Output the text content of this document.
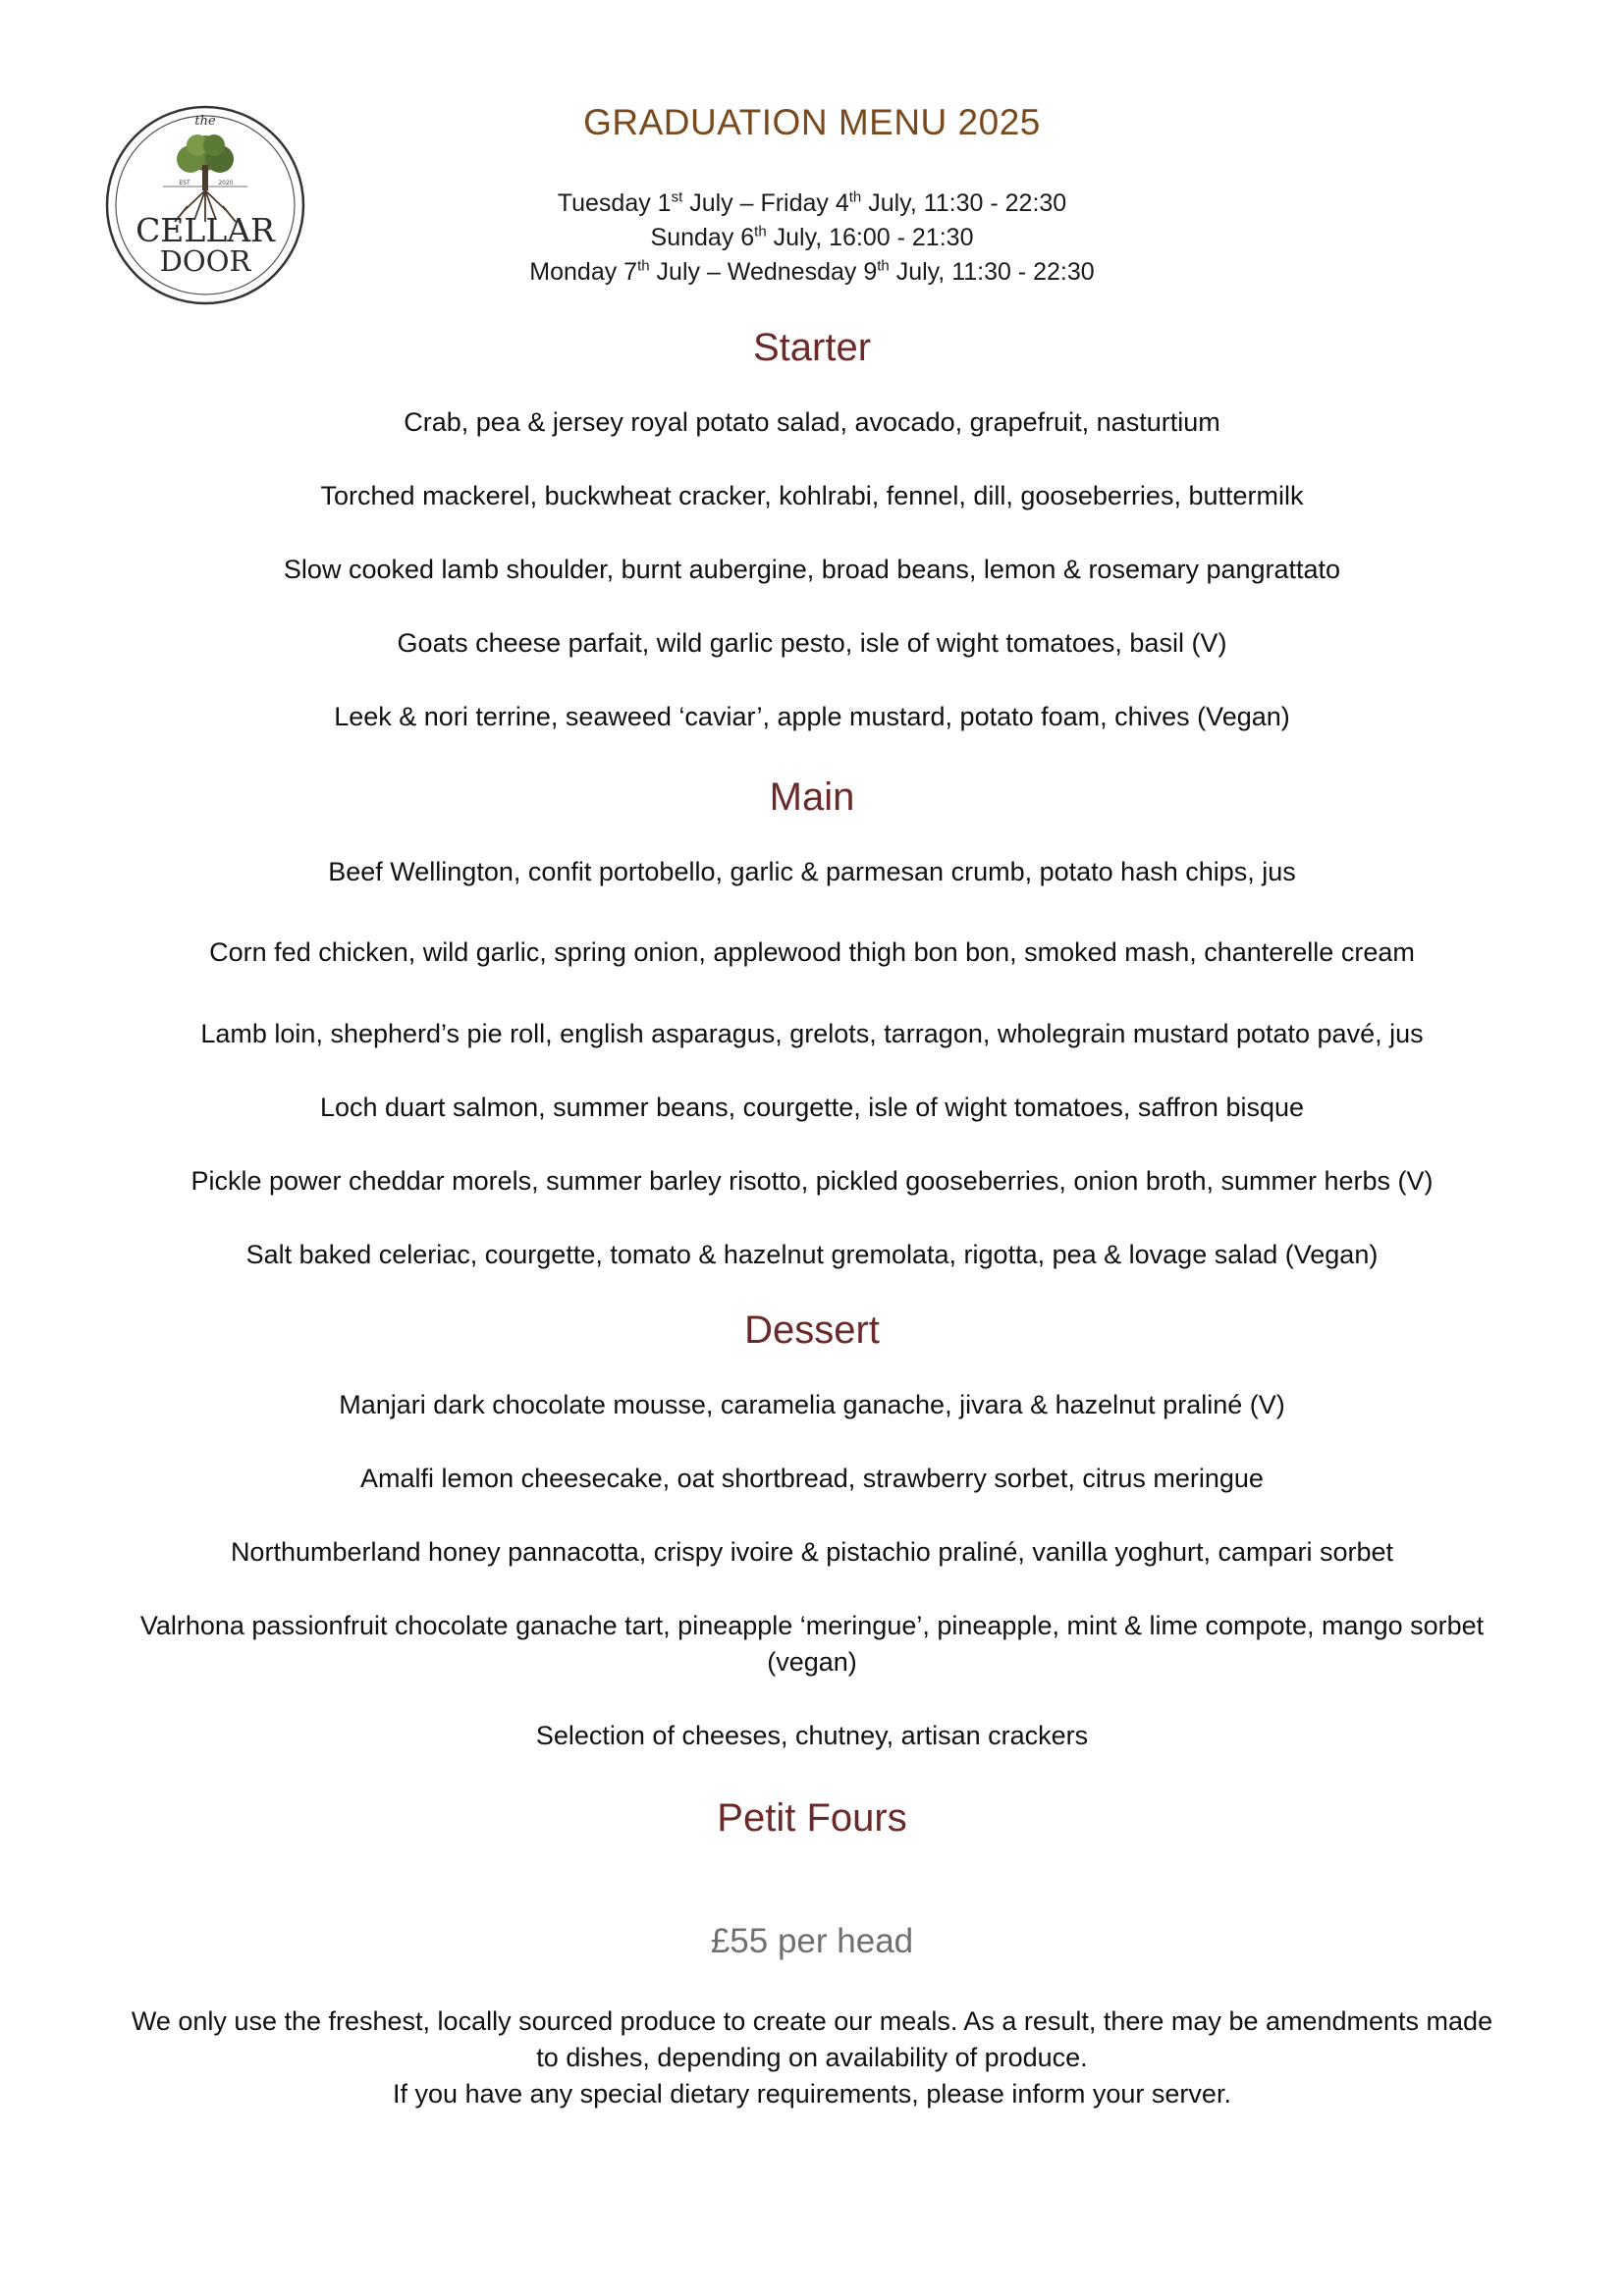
the
EST	2020
CELLAR
DOOR
GRADUATION MENU 2025
Tuesday 1st July – Friday 4th July, 11:30 - 22:30
Sunday 6th July, 16:00 - 21:30
Monday 7th July – Wednesday 9th July, 11:30 - 22:30
Starter
Crab, pea & jersey royal potato salad, avocado, grapefruit, nasturtium
Torched mackerel, buckwheat cracker, kohlrabi, fennel, dill, gooseberries, buttermilk
Slow cooked lamb shoulder, burnt aubergine, broad beans, lemon & rosemary pangrattato
Goats cheese parfait, wild garlic pesto, isle of wight tomatoes, basil (V)
Leek & nori terrine, seaweed ‘caviar’, apple mustard, potato foam, chives (Vegan)
Main
Beef Wellington, confit portobello, garlic & parmesan crumb, potato hash chips, jus
Corn fed chicken, wild garlic, spring onion, applewood thigh bon bon, smoked mash, chanterelle cream
Lamb loin, shepherd’s pie roll, english asparagus, grelots, tarragon, wholegrain mustard potato pavé, jus
Loch duart salmon, summer beans, courgette, isle of wight tomatoes, saffron bisque
Pickle power cheddar morels, summer barley risotto, pickled gooseberries, onion broth, summer herbs (V)
Salt baked celeriac, courgette, tomato & hazelnut gremolata, rigotta, pea & lovage salad (Vegan)
Dessert
Manjari dark chocolate mousse, caramelia ganache, jivara & hazelnut praliné (V)
Amalfi lemon cheesecake, oat shortbread, strawberry sorbet, citrus meringue
Northumberland honey pannacotta, crispy ivoire & pistachio praliné, vanilla yoghurt, campari sorbet
Valrhona passionfruit chocolate ganache tart, pineapple ‘meringue’, pineapple, mint & lime compote, mango sorbet
(vegan)
Selection of cheeses, chutney, artisan crackers
Petit Fours
£55 per head
We only use the freshest, locally sourced produce to create our meals. As a result, there may be amendments made
to dishes, depending on availability of produce.
If you have any special dietary requirements, please inform your server.
